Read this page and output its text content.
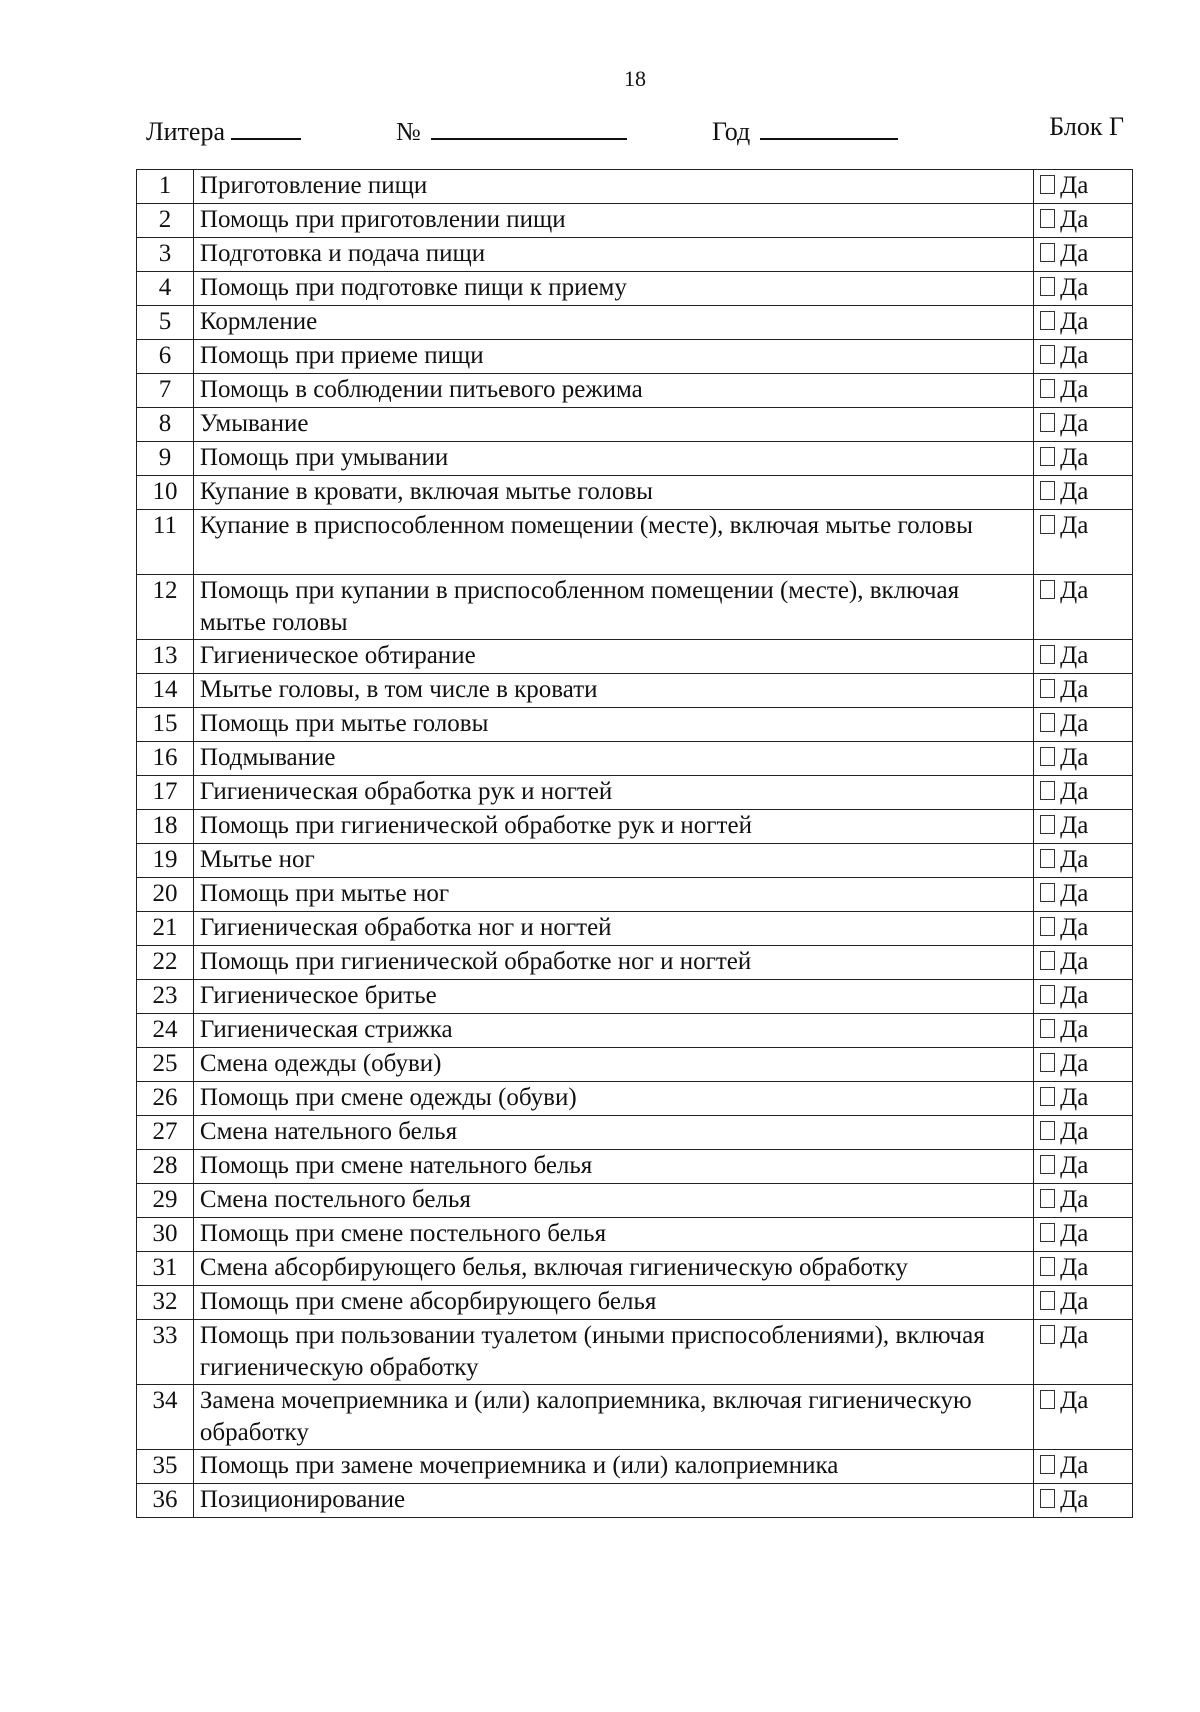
18
Литера	№	Год	Блок Г
1	Приготовление пищи	Да
2	Помощь при приготовлении пищи	Да
3	Подготовка и подача пищи	Да
4	Помощь при подготовке пищи к приему	Да
5	Кормление	Да
6	Помощь при приеме пищи	Да
7	Помощь в соблюдении питьевого режима	Да
8	Умывание	Да
9	Помощь при умывании	Да
10	Купание в кровати, включая мытье головы	Да
11	Купание в приспособленном помещении (месте), включая мытье головы	Да
12	Помощь при купании в приспособленном помещении (месте), включая мытье головы	Да
13	Гигиеническое обтирание	Да
14	Мытье головы, в том числе в кровати	Да
15	Помощь при мытье головы	Да
16	Подмывание	Да
17	Гигиеническая обработка рук и ногтей	Да
18	Помощь при гигиенической обработке рук и ногтей	Да
19	Мытье ног	Да
20	Помощь при мытье ног	Да
21	Гигиеническая обработка ног и ногтей	Да
22	Помощь при гигиенической обработке ног и ногтей	Да
23	Гигиеническое бритье	Да
24	Гигиеническая стрижка	Да
25	Смена одежды (обуви)	Да
26	Помощь при смене одежды (обуви)	Да
27	Смена нательного белья	Да
28	Помощь при смене нательного белья	Да
29	Смена постельного белья	Да
30	Помощь при смене постельного белья	Да
31	Смена абсорбирующего белья, включая гигиеническую обработку	Да
32	Помощь при смене абсорбирующего белья	Да
33	Помощь при пользовании туалетом (иными приспособлениями), включая гигиеническую обработку	Да
34	Замена мочеприемника и (или) калоприемника, включая гигиеническую обработку	Да
35	Помощь при замене мочеприемника и (или) калоприемника	Да
36	Позиционирование	Да
